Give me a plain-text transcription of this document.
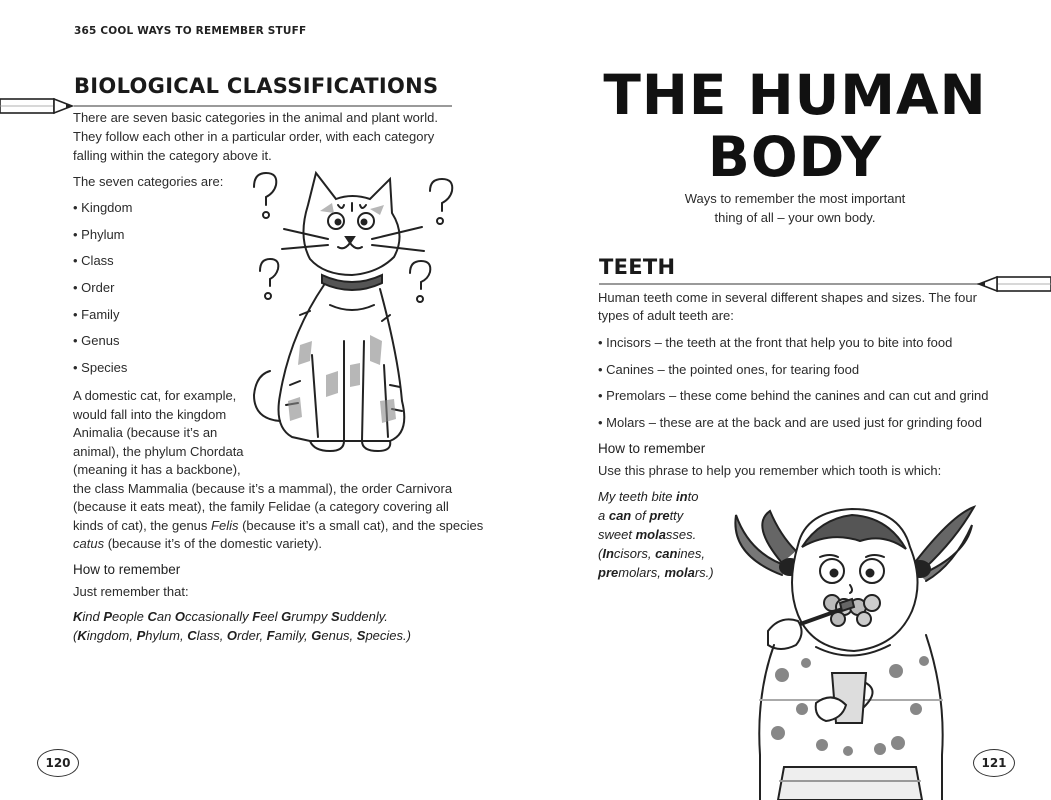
365 COOL WAYS TO REMEMBER STUFF
BIOLOGICAL CLASSIFICATIONS
There are seven basic categories in the animal and plant world. They follow each other in a particular order, with each category falling within the category above it.
The seven categories are:
• Kingdom
• Phylum
• Class
• Order
• Family
• Genus
• Species
A domestic cat, for example,
would fall into the kingdom
Animalia (because it’s an
animal), the phylum Chordata
(meaning it has a backbone),
the class Mammalia (because it’s a mammal), the order Carnivora
(because it eats meat), the family Felidae (a category covering all
kinds of cat), the genus Felis (because it’s a small cat), and the species
catus (because it’s of the domestic variety).
How to remember
Just remember that:
Kind People Can Occasionally Feel Grumpy Suddenly.
(Kingdom, Phylum, Class, Order, Family, Genus, Species.)
120
THE HUMAN
BODY
Ways to remember the most important
thing of all – your own body.
TEETH
Human teeth come in several different shapes and sizes. The four
types of adult teeth are:
• Incisors – the teeth at the front that help you to bite into food
• Canines – the pointed ones, for tearing food
• Premolars – these come behind the canines and can cut and grind
• Molars – these are at the back and are used just for grinding food
How to remember
Use this phrase to help you remember which tooth is which:
My teeth bite into
a can of pretty
sweet molasses.
(Incisors, canines,
premolars, molars.)
121
